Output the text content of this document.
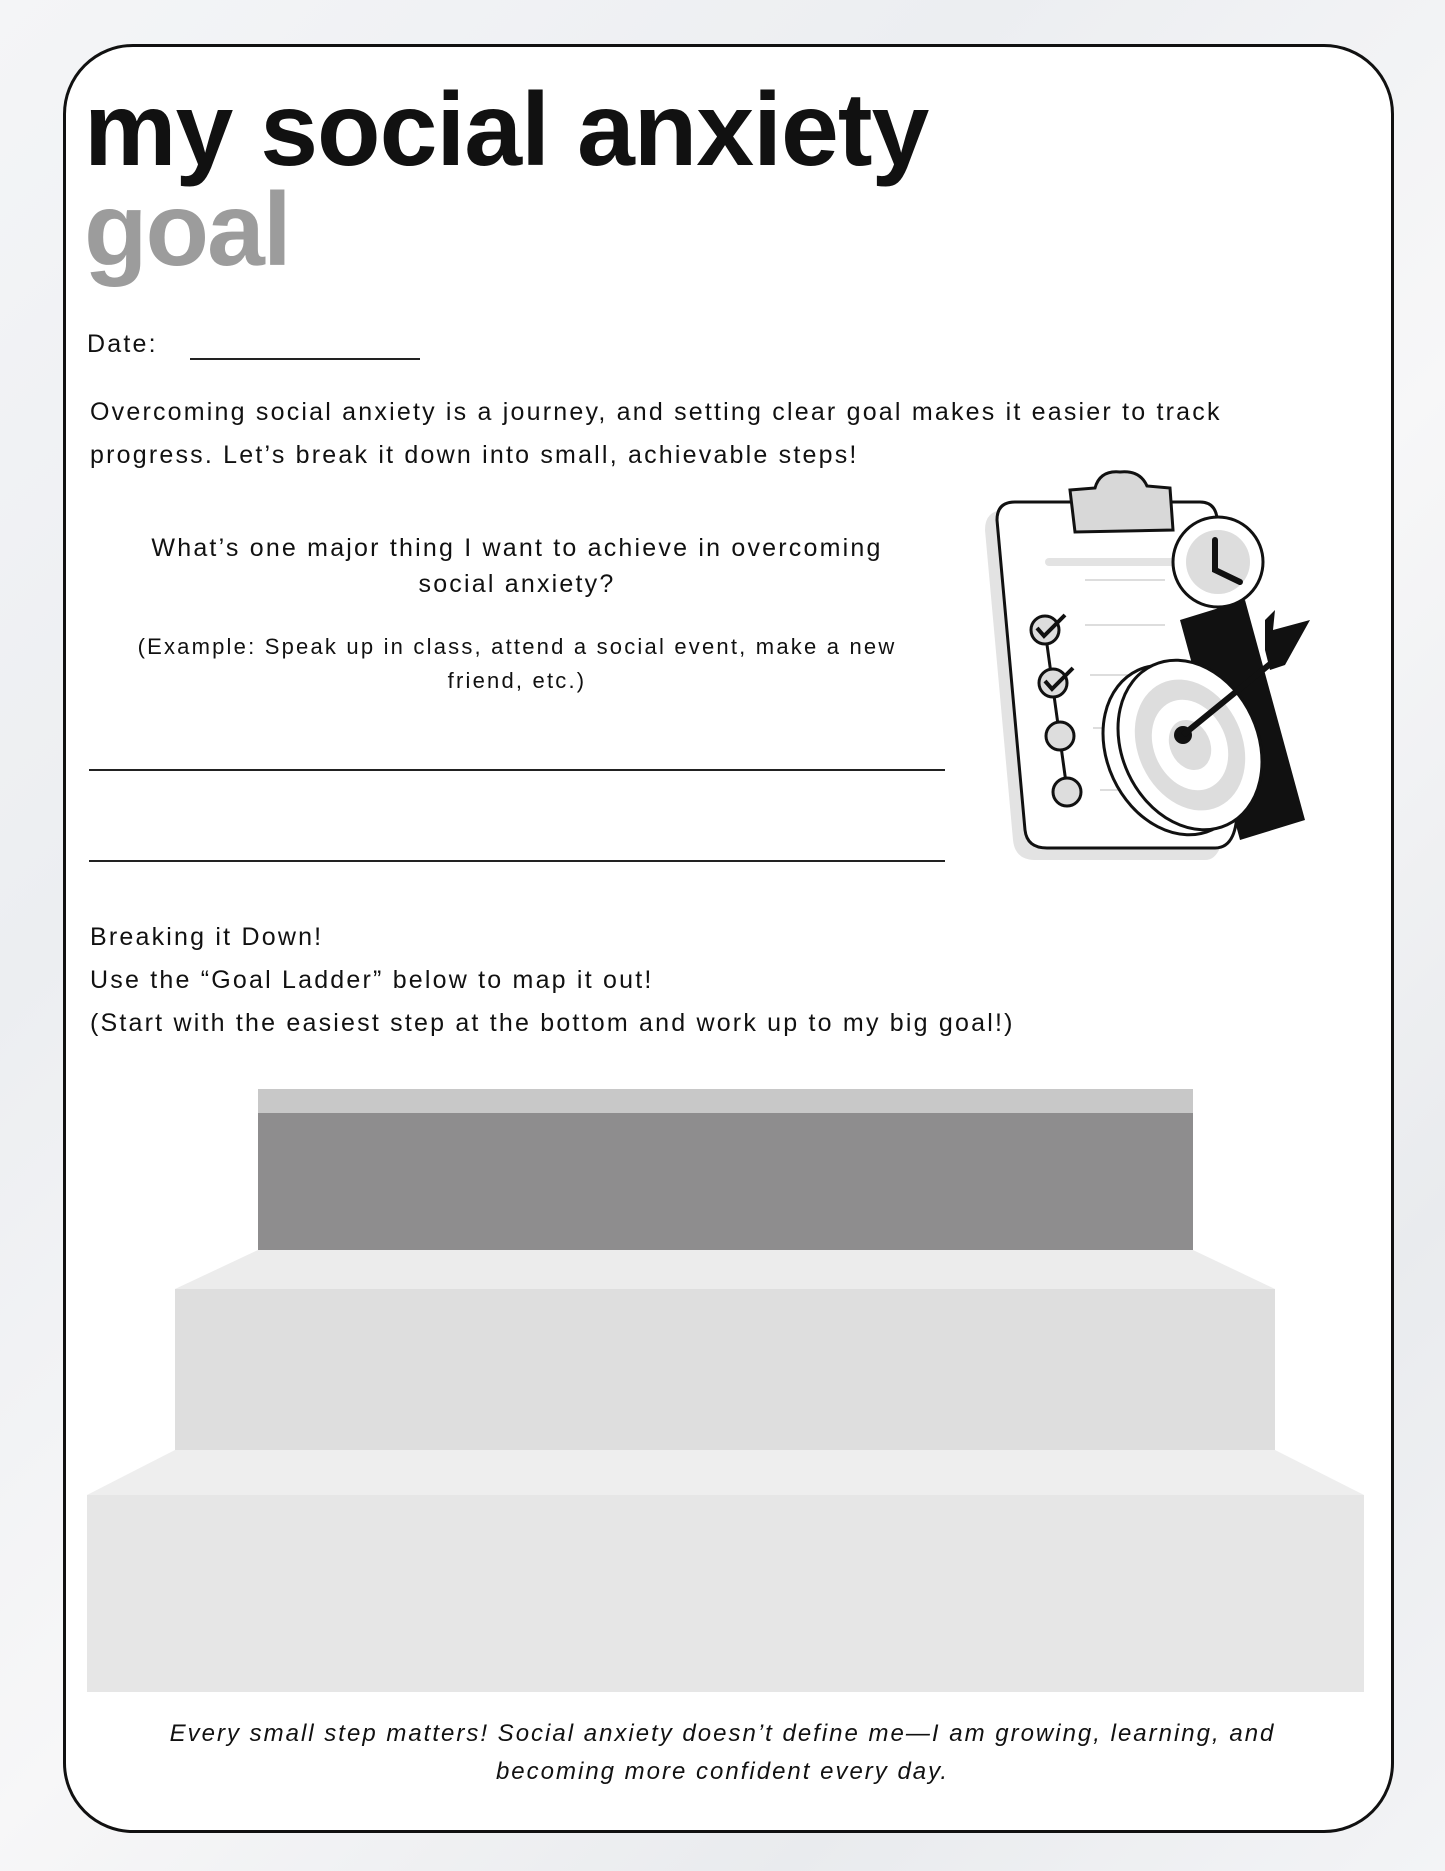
my social anxiety
goal
Date:
Overcoming social anxiety is a journey, and setting clear goal makes it easier to track
progress. Let’s break it down into small, achievable steps!
What’s one major thing I want to achieve in overcoming
social anxiety?
(Example: Speak up in class, attend a social event, make a new
friend, etc.)
Breaking it Down!
Use the “Goal Ladder” below to map it out!
(Start with the easiest step at the bottom and work up to my big goal!)
Every small step matters! Social anxiety doesn’t define me—I am growing, learning, and
becoming more confident every day.
